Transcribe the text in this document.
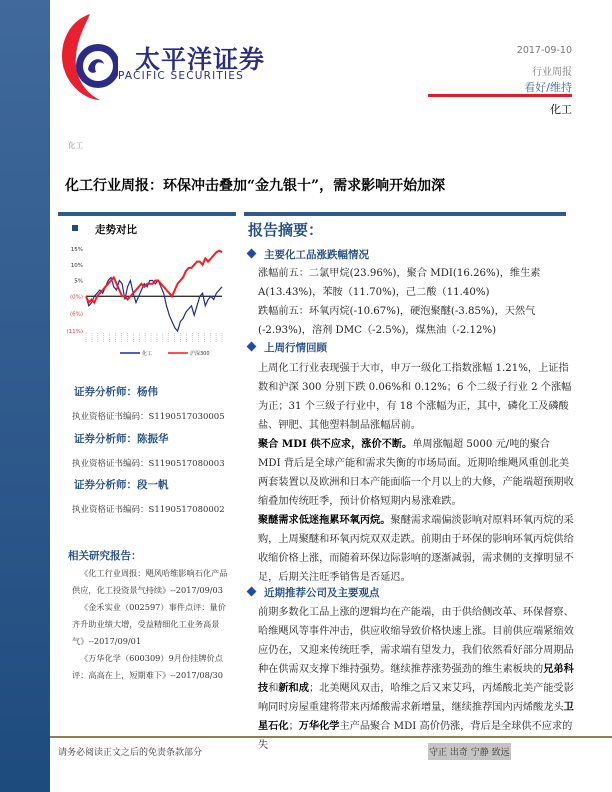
太平洋证券
PACIFIC SECURITIES
2017-09-10
行业周报
看好/维持
化工
化工
化工行业周报：环保冲击叠加“金九银十”，需求影响开始加深
走势对比
15%
10%
5%
(0%)
(6%)
(11%)
化工	沪深300
证券分析师：杨伟
执业资格证书编码：S1190517030005
证券分析师：陈振华
执业资格证书编码：S1190517080003
证券分析师：段一帆
执业资格证书编码：S1190517080002
相关研究报告：

《化工行业周报：飓风哈维影响石化产品供应，化工投资景气持续》--2017/09/03

《金禾实业（002597）事件点评：量价齐升助业绩大增，受益精细化工业务高景气》--2017/09/01

《万华化学（600309）9月份挂牌价点评：高高在上，短期难下》--2017/08/30

报告摘要：
主要化工品涨跌幅情况

涨幅前五：二氯甲烷(23.96%)，聚合 MDI(16.26%)，维生素 A(13.43%)，苯胺（11.70%)，己二酸（11.40%)

跌幅前五：环氧丙烷(-10.67%)，硬泡聚醚(-3.85%)，天然气(-2.93%)，溶剂 DMC（-2.5%)，煤焦油（-2.12%)

上周行情回顾

上周化工行业表现强于大市，申万一级化工指数涨幅 1.21%，上证指数和沪深 300 分别下跌 0.06%和 0.12%；6 个二级子行业 2 个涨幅为正；31 个三级子行业中，有 18 个涨幅为正，其中，磷化工及磷酸盐、钾肥、其他塑料制品涨幅居前。

聚合 MDI 供不应求，涨价不断。单周涨幅超 5000 元/吨的聚合 MDI 背后是全球产能和需求失衡的市场局面。近期哈维飓风重创北美两套装置以及欧洲和日本产能面临一个月以上的大修，产能端超预期收缩叠加传统旺季，预计价格短期内易涨难跌。

聚醚需求低迷拖累环氧丙烷。聚醚需求端偏淡影响对原料环氧丙烷的采购，上周聚醚和环氧丙烷双双走跌。前期由于环保的影响环氧丙烷供给收缩价格上涨，而随着环保边际影响的逐渐减弱，需求侧的支撑明显不足，后期关注旺季销售是否延迟。

近期推荐公司及主要观点

前期多数化工品上涨的逻辑均在产能端，由于供给侧改革、环保督察、哈维飓风等事件冲击，供应收缩导致价格快速上涨。目前供应端紧缩效应仍在，又迎来传统旺季，需求端有望发力，我们依然看好部分周期品种在供需双支撑下维持强势。继续推荐涨势强劲的维生素板块的兄弟科技和新和成；北美飓风双击，哈维之后又来艾玛，丙烯酸北美产能受影响同时房屋重建将带来丙烯酸需求新增量，继续推荐国内丙烯酸龙头卫星石化；万华化学主产品聚合 MDI 高价仍涨，背后是全球供不应求的失

请务必阅读正文之后的免责条款部分	守正 出奇 宁静 致远
